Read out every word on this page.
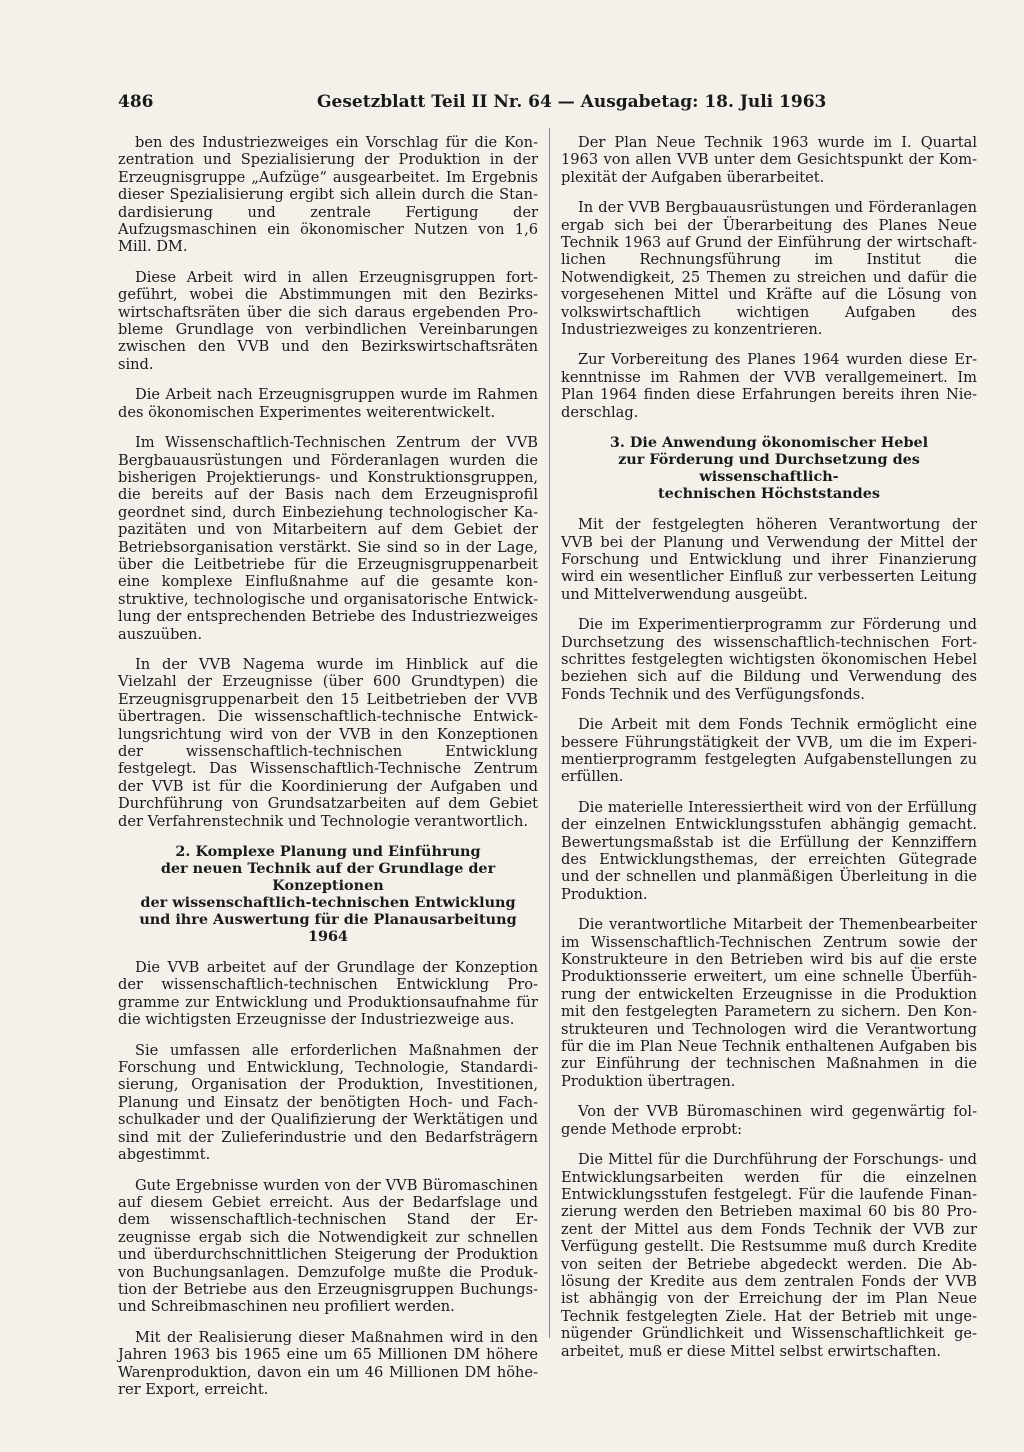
486	Gesetzblatt Teil II Nr. 64 — Ausgabetag: 18. Juli 1963

ben des Industriezweiges ein Vorschlag für die Konzentration und Spezialisierung der Produktion in der Erzeugnisgruppe „Aufzüge“ ausgearbeitet. Im Ergebnis dieser Spezialisierung ergibt sich allein durch die Standardisierung und zentrale Fertigung der Aufzugsmaschinen ein ökonomischer Nutzen von 1,6 Mill. DM.

Diese Arbeit wird in allen Erzeugnisgruppen fortgeführt, wobei die Abstimmungen mit den Bezirkswirtschaftsräten über die sich daraus ergebenden Probleme Grundlage von verbindlichen Vereinbarungen zwischen den VVB und den Bezirkswirtschaftsräten sind.

Die Arbeit nach Erzeugnisgruppen wurde im Rahmen des ökonomischen Experimentes weiterentwickelt.

Im Wissenschaftlich-Technischen Zentrum der VVB Bergbauausrüstungen und Förderanlagen wurden die bisherigen Projektierungs- und Konstruktionsgruppen, die bereits auf der Basis nach dem Erzeugnisprofil geordnet sind, durch Einbeziehung technologischer Kapazitäten und von Mitarbeitern auf dem Gebiet der Betriebsorganisation verstärkt. Sie sind so in der Lage, über die Leitbetriebe für die Erzeugnisgruppenarbeit eine komplexe Einflußnahme auf die gesamte konstruktive, technologische und organisatorische Entwicklung der entsprechenden Betriebe des Industriezweiges auszuüben.

In der VVB Nagema wurde im Hinblick auf die Vielzahl der Erzeugnisse (über 600 Grundtypen) die Erzeugnisgruppenarbeit den 15 Leitbetrieben der VVB übertragen. Die wissenschaftlich-technische Entwicklungsrichtung wird von der VVB in den Konzeptionen der wissenschaftlich-technischen Entwicklung festgelegt. Das Wissenschaftlich-Technische Zentrum der VVB ist für die Koordinierung der Aufgaben und Durchführung von Grundsatzarbeiten auf dem Gebiet der Verfahrenstechnik und Technologie verantwortlich.

2. Komplexe Planung und Einführung
der neuen Technik auf der Grundlage der Konzeptionen
der wissenschaftlich-technischen Entwicklung
und ihre Auswertung für die Planausarbeitung 1964

Die VVB arbeitet auf der Grundlage der Konzeption der wissenschaftlich-technischen Entwicklung Programme zur Entwicklung und Produktionsaufnahme für die wichtigsten Erzeugnisse der Industriezweige aus.

Sie umfassen alle erforderlichen Maßnahmen der Forschung und Entwicklung, Technologie, Standardisierung, Organisation der Produktion, Investitionen, Planung und Einsatz der benötigten Hoch- und Fachschulkader und der Qualifizierung der Werktätigen und sind mit der Zulieferindustrie und den Bedarfsträgern abgestimmt.

Gute Ergebnisse wurden von der VVB Büromaschinen auf diesem Gebiet erreicht. Aus der Bedarfslage und dem wissenschaftlich-technischen Stand der Erzeugnisse ergab sich die Notwendigkeit zur schnellen und überdurchschnittlichen Steigerung der Produktion von Buchungsanlagen. Demzufolge mußte die Produktion der Betriebe aus den Erzeugnisgruppen Buchungs- und Schreibmaschinen neu profiliert werden.

Mit der Realisierung dieser Maßnahmen wird in den Jahren 1963 bis 1965 eine um 65 Millionen DM höhere Warenproduktion, davon ein um 46 Millionen DM höherer Export, erreicht.

Der Plan Neue Technik 1963 wurde im I. Quartal 1963 von allen VVB unter dem Gesichtspunkt der Komplexität der Aufgaben überarbeitet.

In der VVB Bergbauausrüstungen und Förderanlagen ergab sich bei der Überarbeitung des Planes Neue Technik 1963 auf Grund der Einführung der wirtschaftlichen Rechnungsführung im Institut die Notwendigkeit, 25 Themen zu streichen und dafür die vorgesehenen Mittel und Kräfte auf die Lösung von volkswirtschaftlich wichtigen Aufgaben des Industriezweiges zu konzentrieren.

Zur Vorbereitung des Planes 1964 wurden diese Erkenntnisse im Rahmen der VVB verallgemeinert. Im Plan 1964 finden diese Erfahrungen bereits ihren Niederschlag.

3. Die Anwendung ökonomischer Hebel
zur Förderung und Durchsetzung des wissenschaftlich-
technischen Höchststandes

Mit der festgelegten höheren Verantwortung der VVB bei der Planung und Verwendung der Mittel der Forschung und Entwicklung und ihrer Finanzierung wird ein wesentlicher Einfluß zur verbesserten Leitung und Mittelverwendung ausgeübt.

Die im Experimentierprogramm zur Förderung und Durchsetzung des wissenschaftlich-technischen Fortschrittes festgelegten wichtigsten ökonomischen Hebel beziehen sich auf die Bildung und Verwendung des Fonds Technik und des Verfügungsfonds.

Die Arbeit mit dem Fonds Technik ermöglicht eine bessere Führungstätigkeit der VVB, um die im Experimentierprogramm festgelegten Aufgabenstellungen zu erfüllen.

Die materielle Interessiertheit wird von der Erfüllung der einzelnen Entwicklungsstufen abhängig gemacht. Bewertungsmaßstab ist die Erfüllung der Kennziffern des Entwicklungsthemas, der erreichten Gütegrade und der schnellen und planmäßigen Überleitung in die Produktion.

Die verantwortliche Mitarbeit der Themenbearbeiter im Wissenschaftlich-Technischen Zentrum sowie der Konstrukteure in den Betrieben wird bis auf die erste Produktionsserie erweitert, um eine schnelle Überführung der entwickelten Erzeugnisse in die Produktion mit den festgelegten Parametern zu sichern. Den Konstrukteuren und Technologen wird die Verantwortung für die im Plan Neue Technik enthaltenen Aufgaben bis zur Einführung der technischen Maßnahmen in die Produktion übertragen.

Von der VVB Büromaschinen wird gegenwärtig folgende Methode erprobt:

Die Mittel für die Durchführung der Forschungs- und Entwicklungsarbeiten werden für die einzelnen Entwicklungsstufen festgelegt. Für die laufende Finanzierung werden den Betrieben maximal 60 bis 80 Prozent der Mittel aus dem Fonds Technik der VVB zur Verfügung gestellt. Die Restsumme muß durch Kredite von seiten der Betriebe abgedeckt werden. Die Ablösung der Kredite aus dem zentralen Fonds der VVB ist abhängig von der Erreichung der im Plan Neue Technik festgelegten Ziele. Hat der Betrieb mit ungenügender Gründlichkeit und Wissenschaftlichkeit gearbeitet, muß er diese Mittel selbst erwirtschaften.
